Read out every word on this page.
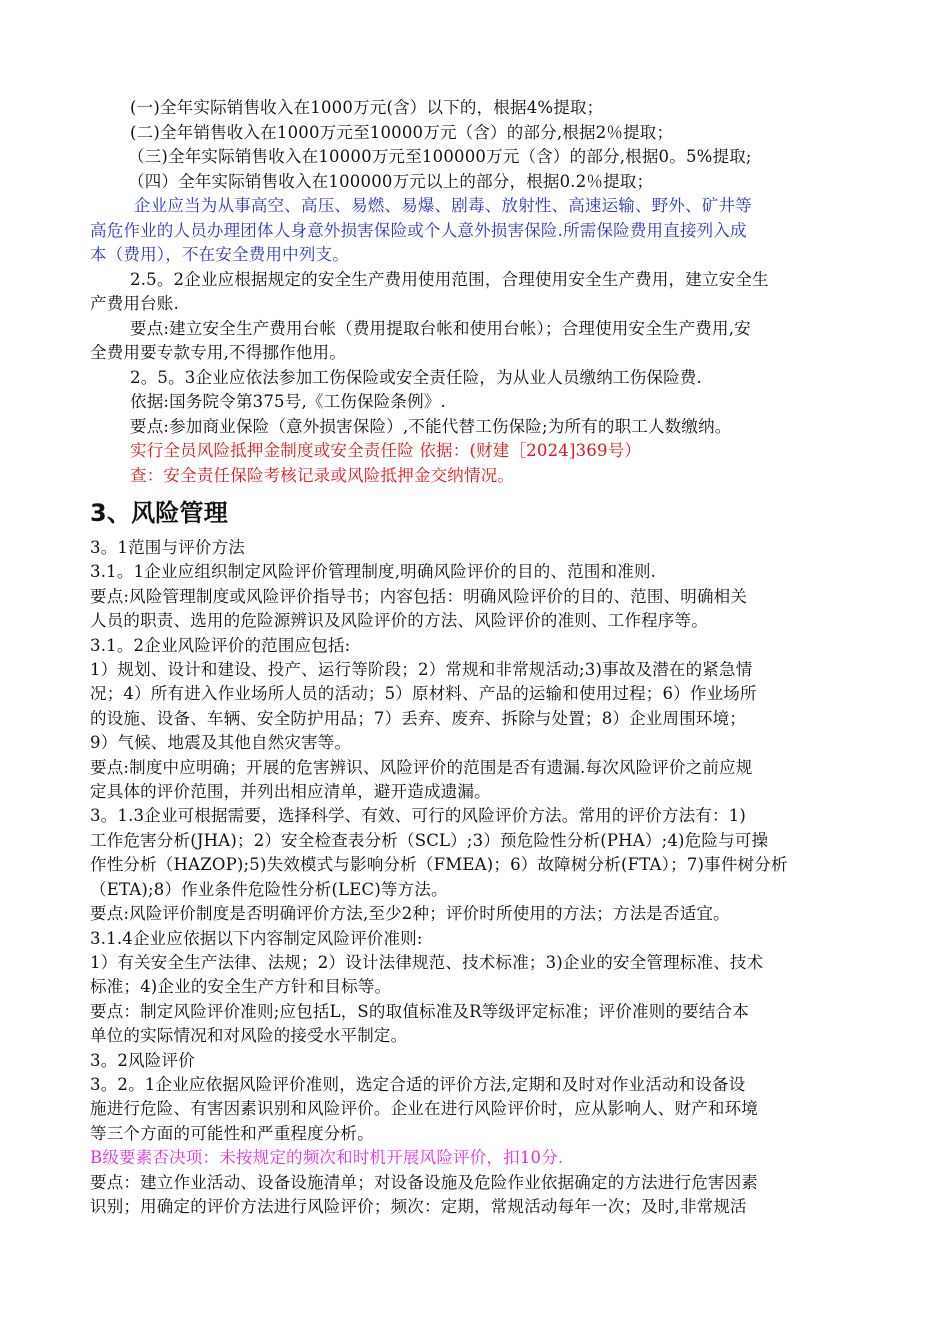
(一)全年实际销售收入在1000万元(含）以下的，根据4%提取；
(二)全年销售收入在1000万元至10000万元（含）的部分,根据2％提取；
（三)全年实际销售收入在10000万元至100000万元（含）的部分,根据0。5%提取;
（四）全年实际销售收入在100000万元以上的部分，根据0.2％提取；
企业应当为从事高空、高压、易燃、易爆、剧毒、放射性、高速运输、野外、矿井等
高危作业的人员办理团体人身意外损害保险或个人意外损害保险.所需保险费用直接列入成
本（费用），不在安全费用中列支。
2.5。2企业应根据规定的安全生产费用使用范围，合理使用安全生产费用，建立安全生
产费用台账.
要点:建立安全生产费用台帐（费用提取台帐和使用台帐）；合理使用安全生产费用,安
全费用要专款专用,不得挪作他用。
2。5。3企业应依法参加工伤保险或安全责任险，为从业人员缴纳工伤保险费.
依据:国务院令第375号,《工伤保险条例》.
要点:参加商业保险（意外损害保险）,不能代替工伤保险;为所有的职工人数缴纳。
实行全员风险抵押金制度或安全责任险 依据：(财建［2024]369号）
查：安全责任保险考核记录或风险抵押金交纳情况。
3、风险管理
3。1范围与评价方法
3.1。1企业应组织制定风险评价管理制度,明确风险评价的目的、范围和准则.
要点:风险管理制度或风险评价指导书；内容包括：明确风险评价的目的、范围、明确相关
人员的职责、选用的危险源辨识及风险评价的方法、风险评价的准则、工作程序等。
3.1。2企业风险评价的范围应包括:
1）规划、设计和建设、投产、运行等阶段；2）常规和非常规活动;3)事故及潜在的紧急情
况；4）所有进入作业场所人员的活动；5）原材料、产品的运输和使用过程；6）作业场所
的设施、设备、车辆、安全防护用品；7）丢弃、废弃、拆除与处置；8）企业周围环境；
9）气候、地震及其他自然灾害等。
要点:制度中应明确；开展的危害辨识、风险评价的范围是否有遗漏.每次风险评价之前应规
定具体的评价范围，并列出相应清单，避开造成遗漏。
3。1.3企业可根据需要，选择科学、有效、可行的风险评价方法。常用的评价方法有：1)
工作危害分析(JHA)；2）安全检查表分析（SCL）;3）预危险性分析(PHA）;4)危险与可操
作性分析（HAZOP);5)失效模式与影响分析（FMEA)；6）故障树分析(FTA）；7)事件树分析
（ETA);8）作业条件危险性分析(LEC)等方法。
要点:风险评价制度是否明确评价方法,至少2种；评价时所使用的方法；方法是否适宜。
3.1.4企业应依据以下内容制定风险评价准则:
1）有关安全生产法律、法规；2）设计法律规范、技术标准；3)企业的安全管理标准、技术
标准；4)企业的安全生产方针和目标等。
要点：制定风险评价准则;应包括L，S的取值标准及R等级评定标准；评价准则的要结合本
单位的实际情况和对风险的接受水平制定。
3。2风险评价
3。2。1企业应依据风险评价准则，选定合适的评价方法,定期和及时对作业活动和设备设
施进行危险、有害因素识别和风险评价。企业在进行风险评价时，应从影响人、财产和环境
等三个方面的可能性和严重程度分析。
B级要素否决项：未按规定的频次和时机开展风险评价，扣10分.
要点：建立作业活动、设备设施清单；对设备设施及危险作业依据确定的方法进行危害因素
识别；用确定的评价方法进行风险评价；频次：定期，常规活动每年一次；及时,非常规活
